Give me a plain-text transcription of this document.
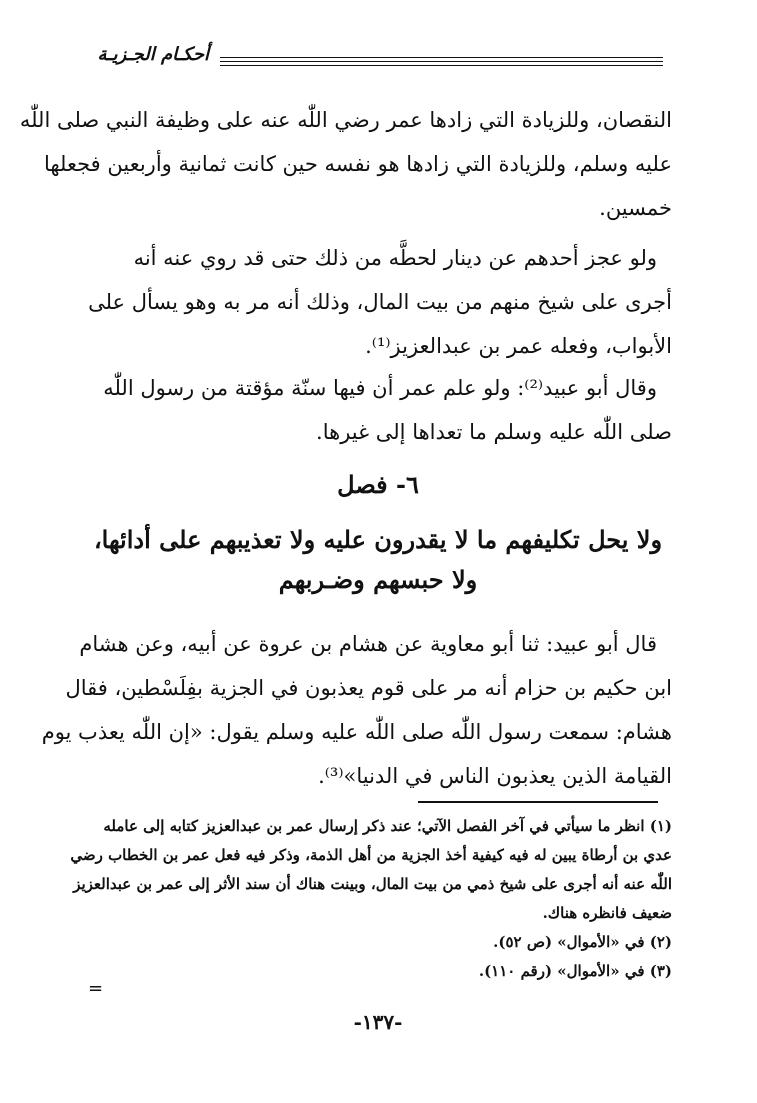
أحكـام الجـزيـة
النقصان، وللزيادة التي زادها عمر رضي اللّٰه عنه على وظيفة النبي صلى اللّٰه
عليه وسلم، وللزيادة التي زادها هو نفسه حين كانت ثمانية وأربعين فجعلها
خمسين.
ولو عجز أحدهم عن دينار لحطَّه من ذلك حتى قد روي عنه أنه
أجرى على شيخ منهم من بيت المال، وذلك أنه مر به وهو يسأل على
الأبواب، وفعله عمر بن عبدالعزيز⁽¹⁾.
وقال أبو عبيد⁽²⁾: ولو علم عمر أن فيها سنّة مؤقتة من رسول اللّٰه
صلى اللّٰه عليه وسلم ما تعداها إلى غيرها.
٦- فصل
ولا يحل تكليفهم ما لا يقدرون عليه ولا تعذيبهم على أدائها،
ولا حبسهم وضـربهم
قال أبو عبيد: ثنا أبو معاوية عن هشام بن عروة عن أبيه، وعن هشام
ابن حكيم بن حزام أنه مر على قوم يعذبون في الجزية بفِلَسْطين، فقال
هشام: سمعت رسول اللّٰه صلى اللّٰه عليه وسلم يقول: «إن اللّٰه يعذب يوم
القيامة الذين يعذبون الناس في الدنيا»⁽³⁾.
(١) انظر ما سيأتي في آخر الفصل الآتي؛ عند ذكر إرسال عمر بن عبدالعزيز كتابه إلى عامله
عدي بن أرطاة يبين له فيه كيفية أخذ الجزية من أهل الذمة، وذكر فيه فعل عمر بن الخطاب رضي
اللّٰه عنه أنه أجرى على شيخ ذمي من بيت المال، وبينت هناك أن سند الأثر إلى عمر بن عبدالعزيز
ضعيف فانظره هناك.
(٢) في «الأموال» (ص ٥٢).
(٣) في «الأموال» (رقم ١١٠).
=
-١٣٧-
